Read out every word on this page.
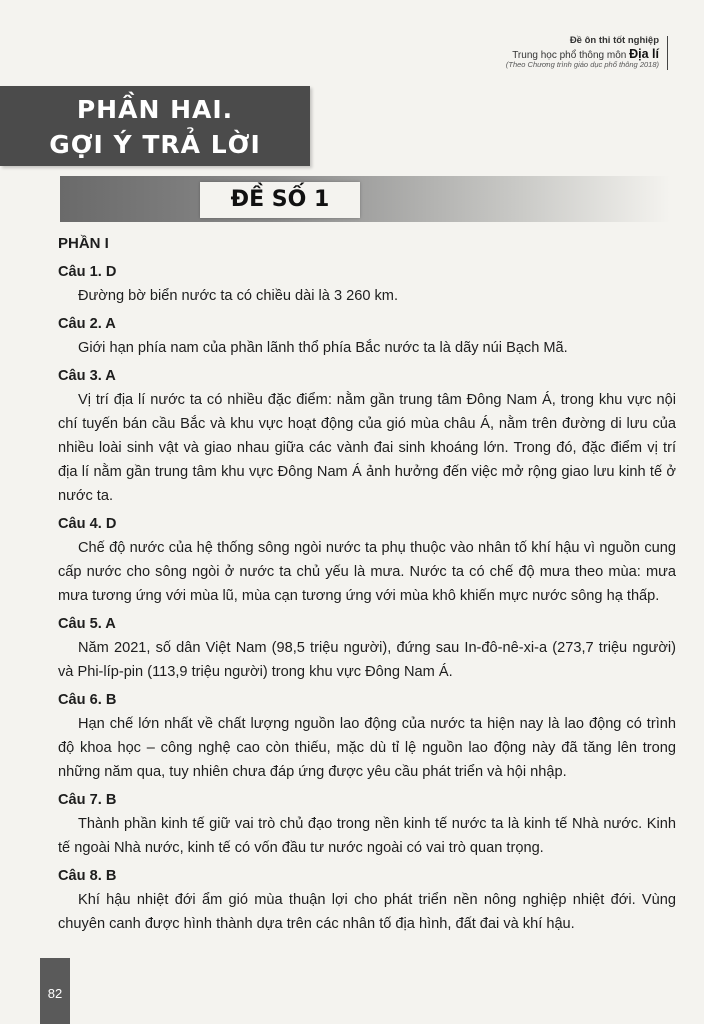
Đề ôn thi tốt nghiệp
Trung học phổ thông môn Địa lí
(Theo Chương trình giáo dục phổ thông 2018)
PHẦN HAI.
GỢI Ý TRẢ LỜI
ĐỀ SỐ 1
PHẦN I
Câu 1. D

Đường bờ biển nước ta có chiều dài là 3 260 km.

Câu 2. A

Giới hạn phía nam của phần lãnh thổ phía Bắc nước ta là dãy núi Bạch Mã.

Câu 3. A

Vị trí địa lí nước ta có nhiều đặc điểm: nằm gần trung tâm Đông Nam Á, trong khu vực nội chí tuyến bán cầu Bắc và khu vực hoạt động của gió mùa châu Á, nằm trên đường di lưu của nhiều loài sinh vật và giao nhau giữa các vành đai sinh khoáng lớn. Trong đó, đặc điểm vị trí địa lí nằm gần trung tâm khu vực Đông Nam Á ảnh hưởng đến việc mở rộng giao lưu kinh tế ở nước ta.

Câu 4. D

Chế độ nước của hệ thống sông ngòi nước ta phụ thuộc vào nhân tố khí hậu vì nguồn cung cấp nước cho sông ngòi ở nước ta chủ yếu là mưa. Nước ta có chế độ mưa theo mùa: mưa mưa tương ứng với mùa lũ, mùa cạn tương ứng với mùa khô khiến mực nước sông hạ thấp.

Câu 5. A

Năm 2021, số dân Việt Nam (98,5 triệu người), đứng sau In-đô-nê-xi-a (273,7 triệu người) và Phi-líp-pin (113,9 triệu người) trong khu vực Đông Nam Á.

Câu 6. B

Hạn chế lớn nhất về chất lượng nguồn lao động của nước ta hiện nay là lao động có trình độ khoa học – công nghệ cao còn thiếu, mặc dù tỉ lệ nguồn lao động này đã tăng lên trong những năm qua, tuy nhiên chưa đáp ứng được yêu cầu phát triển và hội nhập.

Câu 7. B

Thành phần kinh tế giữ vai trò chủ đạo trong nền kinh tế nước ta là kinh tế Nhà nước. Kinh tế ngoài Nhà nước, kinh tế có vốn đầu tư nước ngoài có vai trò quan trọng.

Câu 8. B

Khí hậu nhiệt đới ẩm gió mùa thuận lợi cho phát triển nền nông nghiệp nhiệt đới. Vùng chuyên canh được hình thành dựa trên các nhân tố địa hình, đất đai và khí hậu.

82
